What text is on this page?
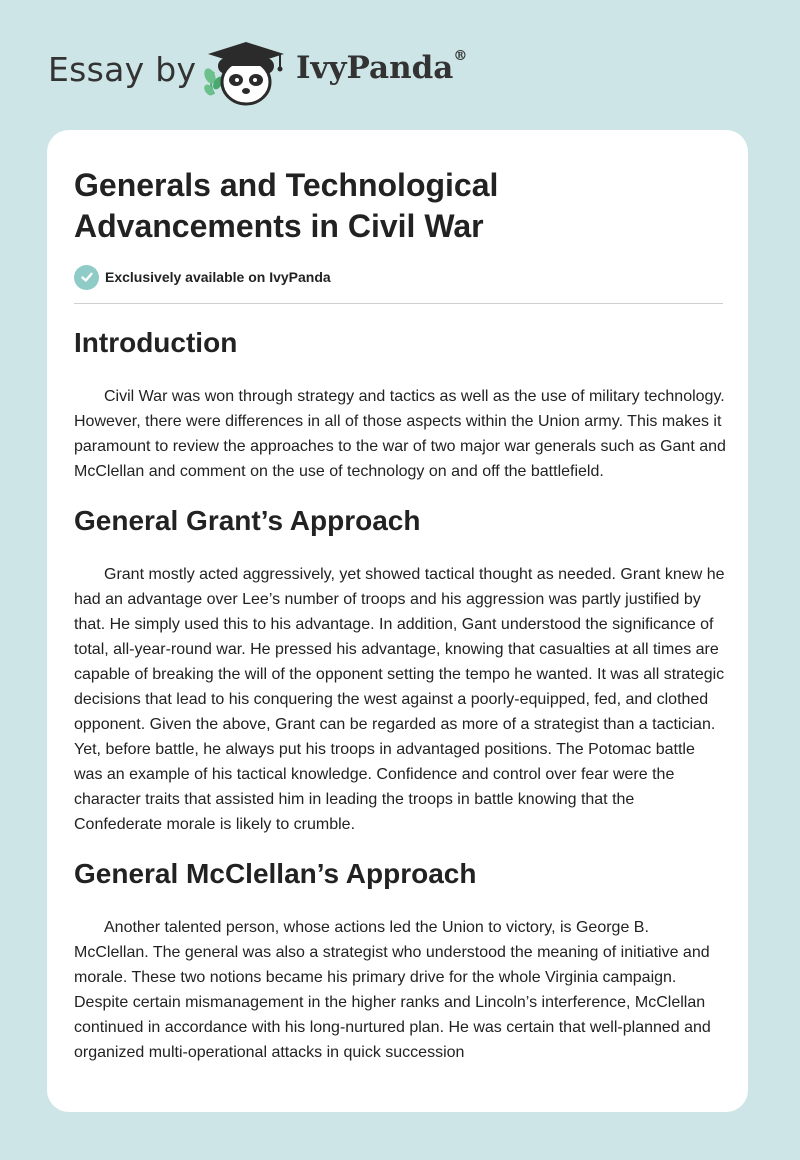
Essay by	IvyPanda®
Generals and Technological Advancements in Civil War
Exclusively available on IvyPanda
Introduction

Civil War was won through strategy and tactics as well as the use of military technology. However, there were differences in all of those aspects within the Union army. This makes it paramount to review the approaches to the war of two major war generals such as Gant and McClellan and comment on the use of technology on and off the battlefield.

General Grant’s Approach

Grant mostly acted aggressively, yet showed tactical thought as needed. Grant knew he had an advantage over Lee’s number of troops and his aggression was partly justified by that. He simply used this to his advantage. In addition, Gant understood the significance of total, all-year-round war. He pressed his advantage, knowing that casualties at all times are capable of breaking the will of the opponent setting the tempo he wanted. It was all strategic decisions that lead to his conquering the west against a poorly-equipped, fed, and clothed opponent. Given the above, Grant can be regarded as more of a strategist than a tactician. Yet, before battle, he always put his troops in advantaged positions. The Potomac battle was an example of his tactical knowledge. Confidence and control over fear were the character traits that assisted him in leading the troops in battle knowing that the Confederate morale is likely to crumble.

General McClellan’s Approach

Another talented person, whose actions led the Union to victory, is George B. McClellan. The general was also a strategist who understood the meaning of initiative and morale. These two notions became his primary drive for the whole Virginia campaign. Despite certain mismanagement in the higher ranks and Lincoln’s interference, McClellan continued in accordance with his long-nurtured plan. He was certain that well-planned and organized multi-operational attacks in quick succession
